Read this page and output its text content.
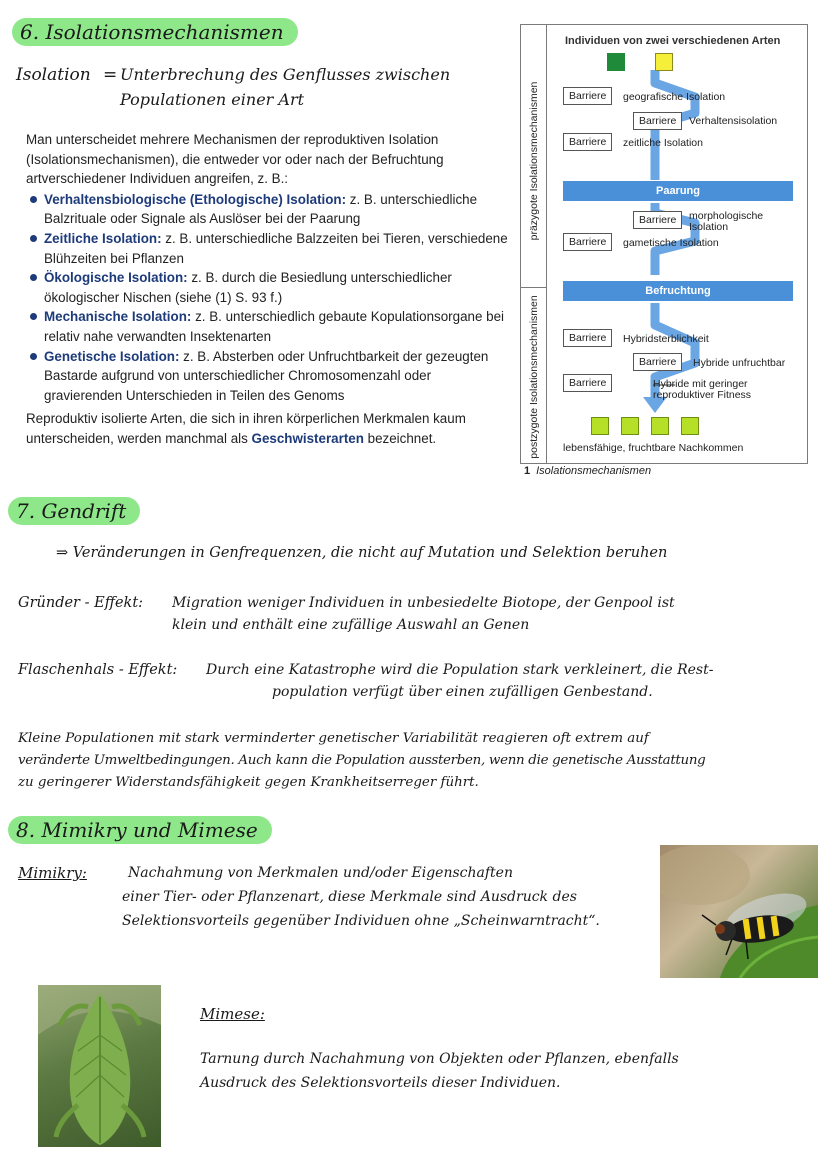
6. Isolationsmechanismen
Isolation = Unterbrechung des Genflusses zwischen
Populationen einer Art

Man unterscheidet mehrere Mechanismen der reproduktiven Isolation (Isolationsmechanismen), die entweder vor oder nach der Befruchtung artverschiedener Individuen angreifen, z. B.:

Verhaltensbiologische (Ethologische) Isolation: z. B. unterschiedliche Balzrituale oder Signale als Auslöser bei der Paarung
Zeitliche Isolation: z. B. unterschiedliche Balzzeiten bei Tieren, verschiedene Blühzeiten bei Pflanzen
Ökologische Isolation: z. B. durch die Besiedlung unterschiedlicher ökologischer Nischen (siehe (1) S. 93 f.)
Mechanische Isolation: z. B. unterschiedlich gebaute Kopulationsorgane bei relativ nahe verwandten Insektenarten
Genetische Isolation: z. B. Absterben oder Unfruchtbarkeit der gezeugten Bastarde aufgrund von unterschiedlicher Chromosomenzahl oder gravierenden Unterschieden in Teilen des Genoms

Reproduktiv isolierte Arten, die sich in ihren körperlichen Merkmalen kaum unterscheiden, werden manchmal als Geschwisterarten bezeichnet.

präzygote Isolationsmechanismen
postzygote Isolationsmechanismen
Individuen von zwei verschiedenen Arten
Barriere	geografische Isolation
Barriere	Verhaltensisolation
Barriere	zeitliche Isolation
Paarung
Barriere	morphologische
Isolation
Barriere	gametische Isolation
Befruchtung
Barriere	Hybridsterblichkeit
Barriere	Hybride unfruchtbar
Barriere	Hybride mit geringer
reproduktiver Fitness
lebensfähige, fruchtbare Nachkommen
1 Isolationsmechanismen
7. Gendrift
⇒ Veränderungen in Genfrequenzen, die nicht auf Mutation und Selektion beruhen
Gründer - Effekt: Migration weniger Individuen in unbesiedelte Biotope, der Genpool ist
klein und enthält eine zufällige Auswahl an Genen
Flaschenhals - Effekt: Durch eine Katastrophe wird die Population stark verkleinert, die Rest-
population verfügt über einen zufälligen Genbestand.
Kleine Populationen mit stark verminderter genetischer Variabilität reagieren oft extrem auf
veränderte Umweltbedingungen. Auch kann die Population aussterben, wenn die genetische Ausstattung
zu geringerer Widerstandsfähigkeit gegen Krankheitserreger führt.
8. Mimikry und Mimese
Mimikry:	Nachahmung von Merkmalen und/oder Eigenschaften
einer Tier- oder Pflanzenart, diese Merkmale sind Ausdruck des
Selektionsvorteils gegenüber Individuen ohne „Scheinwarntracht“.
Mimese:
Tarnung durch Nachahmung von Objekten oder Pflanzen, ebenfalls
Ausdruck des Selektionsvorteils dieser Individuen.
